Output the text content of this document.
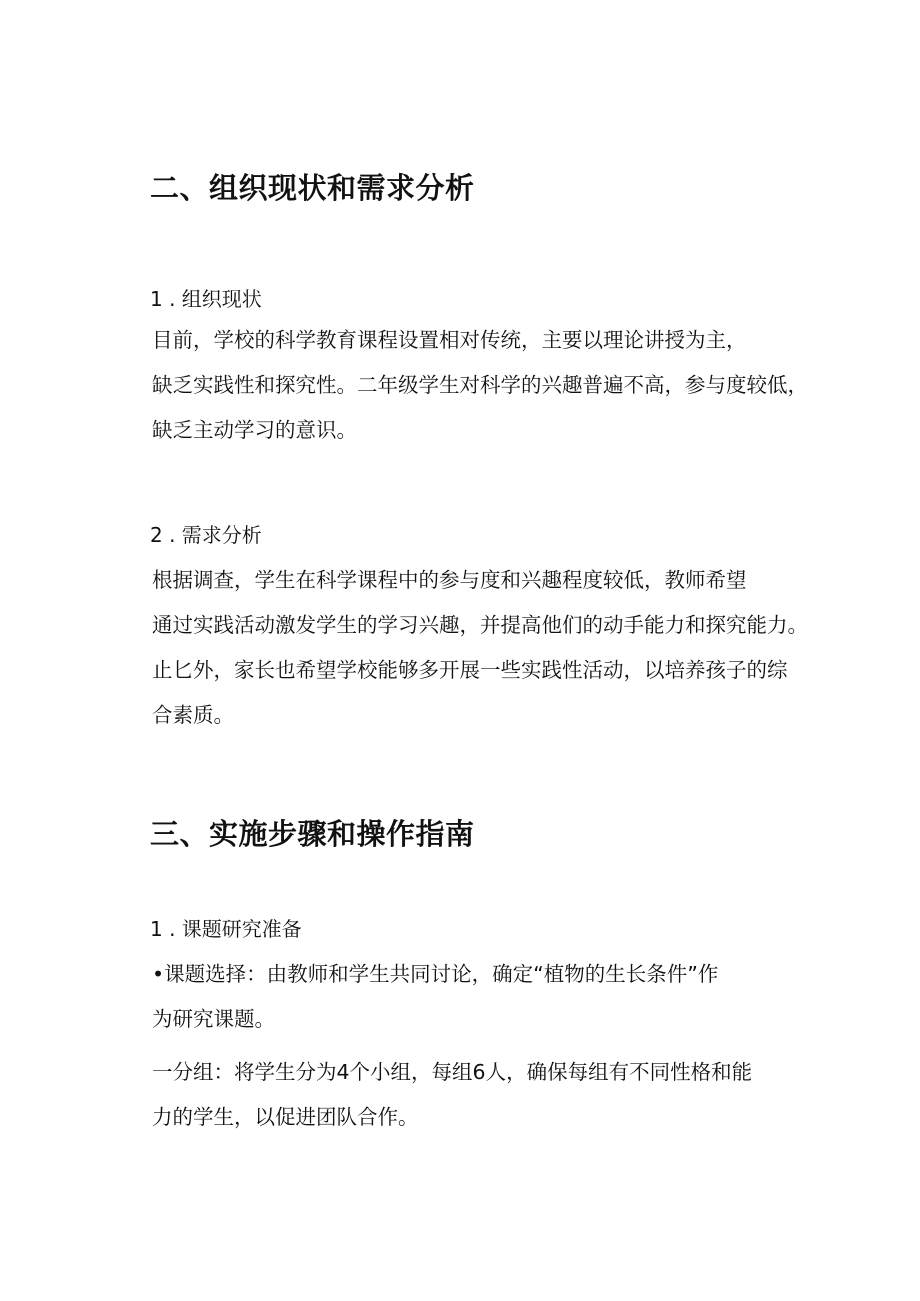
二、组织现状和需求分析

1 . 组织现状

目前，学校的科学教育课程设置相对传统，主要以理论讲授为主，
缺乏实践性和探究性。二年级学生对科学的兴趣普遍不高，参与度较低，
缺乏主动学习的意识。

2 . 需求分析

根据调查，学生在科学课程中的参与度和兴趣程度较低，教师希望
通过实践活动激发学生的学习兴趣，并提高他们的动手能力和探究能力。
止匕外，家长也希望学校能够多开展一些实践性活动，以培养孩子的综
合素质。

三、实施步骤和操作指南

1 . 课题研究准备

•课题选择：由教师和学生共同讨论，确定“植物的生长条件”作
为研究课题。

一分组：将学生分为4个小组，每组6人，确保每组有不同性格和能
力的学生，以促进团队合作。
